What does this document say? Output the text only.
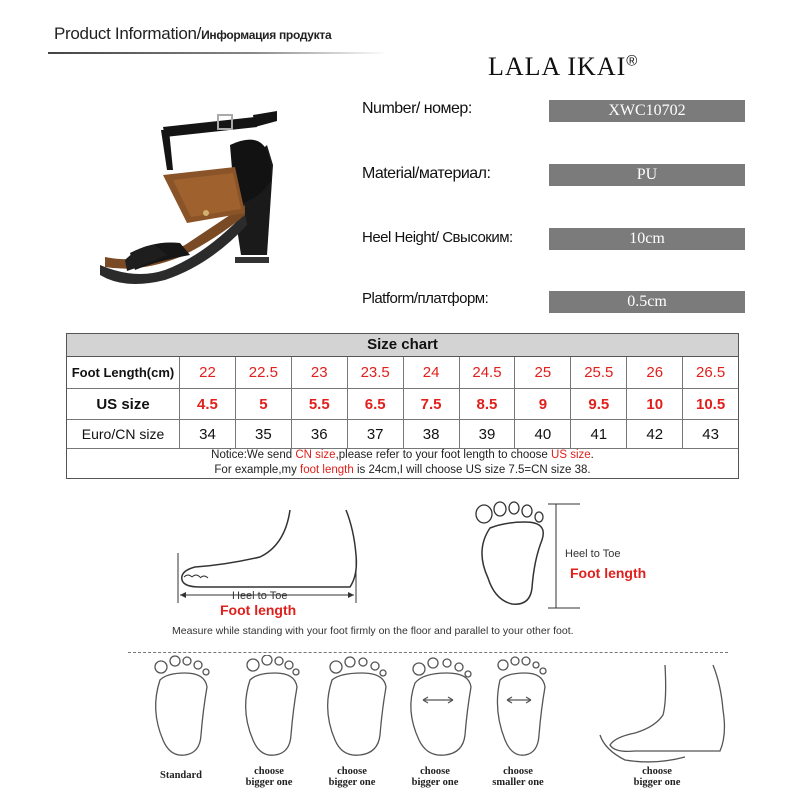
Product Information/Информация продукта
LALA IKAI®
Number/ номер:	XWC10702
Material/материал:	PU
Heel Height/ Свысоким:	10cm
Platform/платформ:	0.5cm
Size chart
Foot Length(cm)	22	22.5	23	23.5	24	24.5	25	25.5	26	26.5
US size	4.5	5	5.5	6.5	7.5	8.5	9	9.5	10	10.5
Euro/CN size	34	35	36	37	38	39	40	41	42	43
Notice:We send CN size,please refer to your foot length to choose US size.
For example,my foot length is 24cm,I will choose US size 7.5=CN size 38.
Heel to Toe
Foot length
Heel to Toe
Foot length
Measure while standing with your foot firmly on the floor and parallel to your other foot.
Standard	choose
bigger one
choose
bigger one
choose
bigger one
choose
smaller one
choose
bigger one
